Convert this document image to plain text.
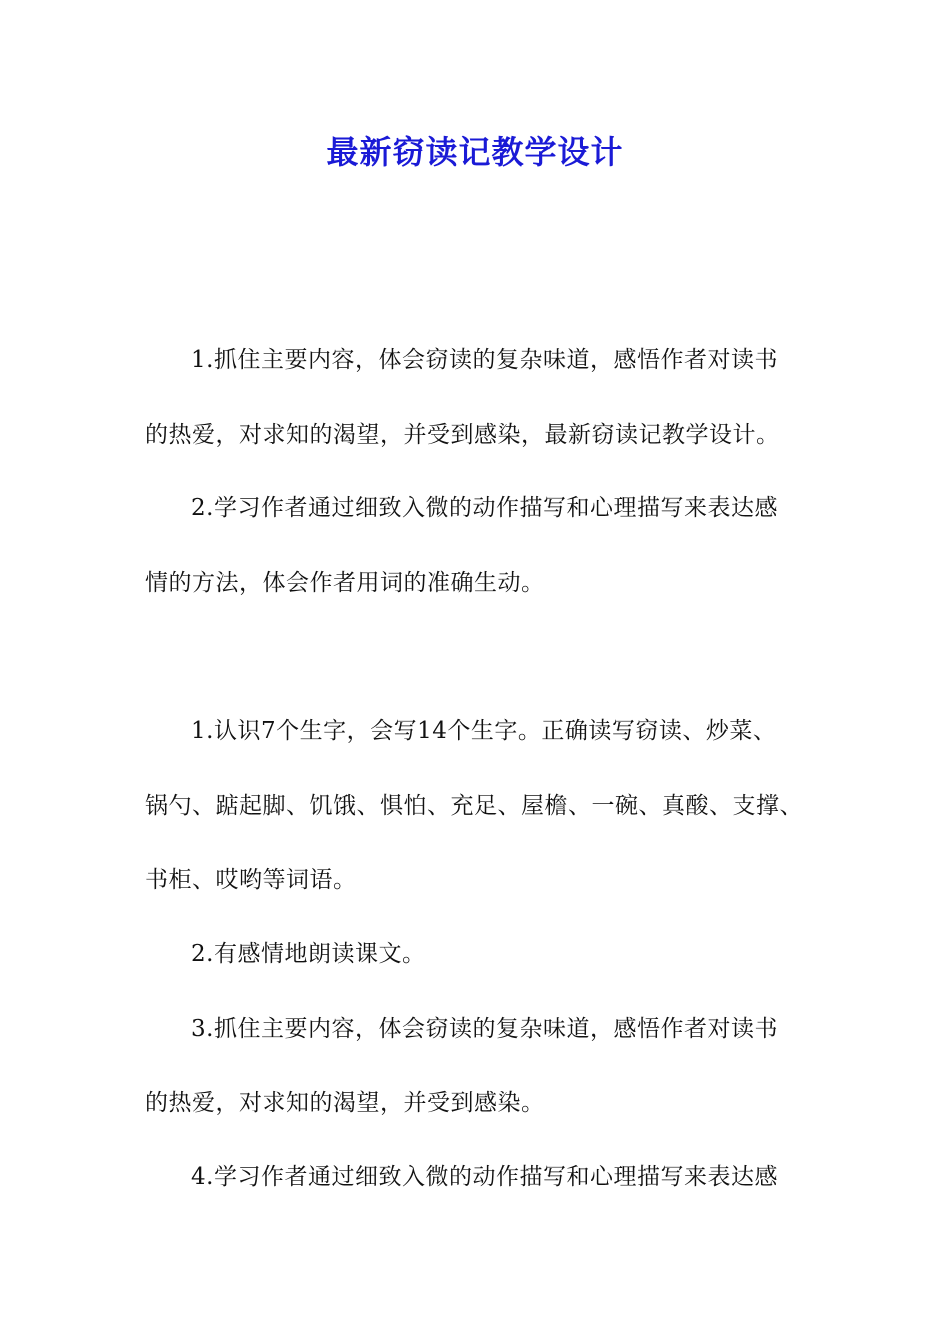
最新窃读记教学设计
1.抓住主要内容，体会窃读的复杂味道，感悟作者对读书
的热爱，对求知的渴望，并受到感染，最新窃读记教学设计。
2.学习作者通过细致入微的动作描写和心理描写来表达感
情的方法，体会作者用词的准确生动。
1.认识7个生字，会写14个生字。正确读写窃读、炒菜、
锅勺、踮起脚、饥饿、惧怕、充足、屋檐、一碗、真酸、支撑、
书柜、哎哟等词语。
2.有感情地朗读课文。
3.抓住主要内容，体会窃读的复杂味道，感悟作者对读书
的热爱，对求知的渴望，并受到感染。
4.学习作者通过细致入微的动作描写和心理描写来表达感
